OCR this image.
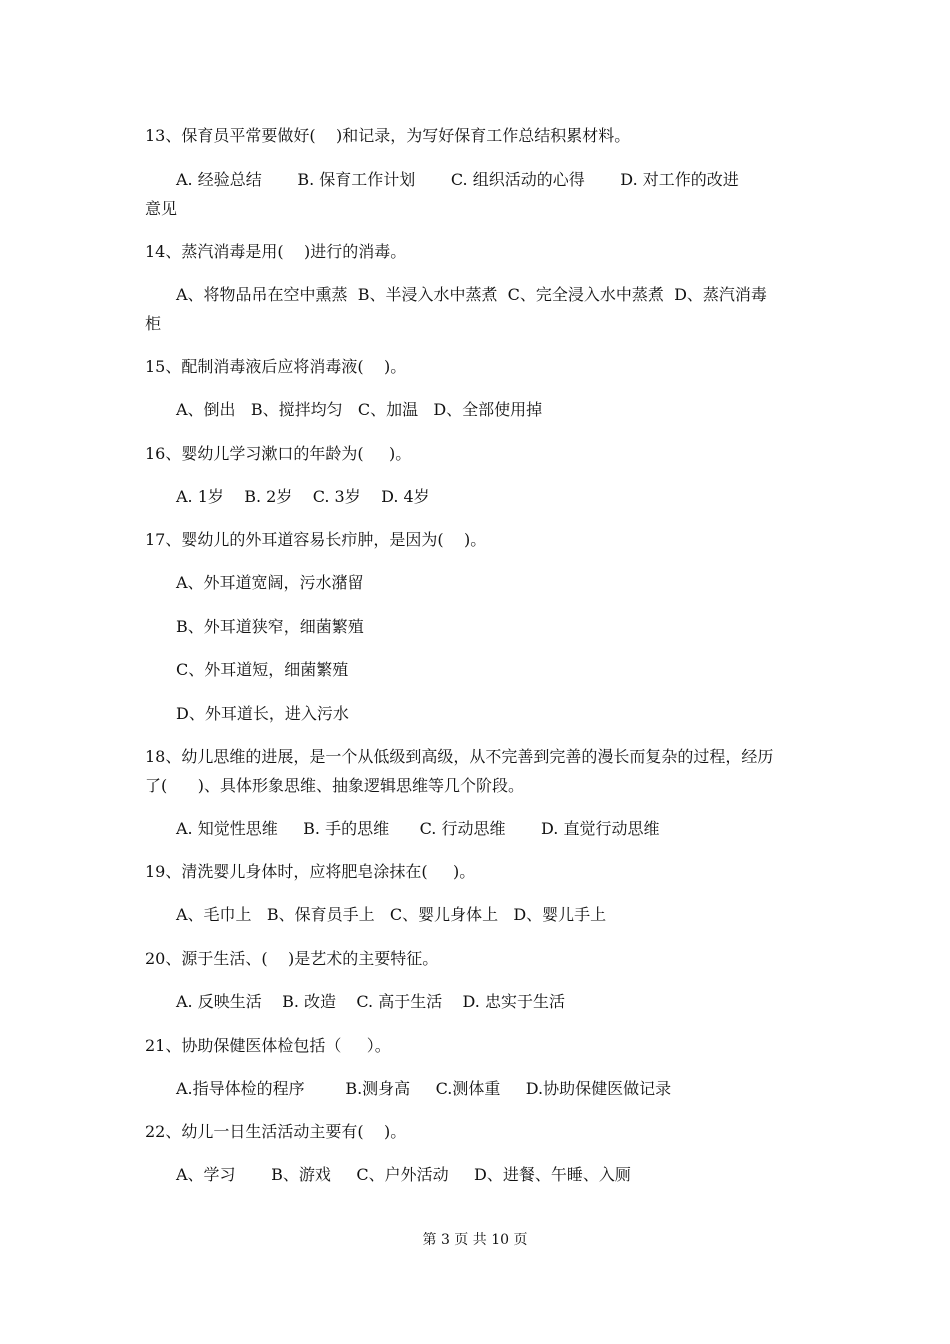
13、保育员平常要做好(    )和记录，为写好保育工作总结积累材料。
A. 经验总结       B. 保育工作计划       C. 组织活动的心得       D. 对工作的改进
意见
14、蒸汽消毒是用(    )进行的消毒。
A、将物品吊在空中熏蒸  B、半浸入水中蒸煮  C、完全浸入水中蒸煮  D、蒸汽消毒
柜
15、配制消毒液后应将消毒液(    )。
A、倒出   B、搅拌均匀   C、加温   D、全部使用掉
16、婴幼儿学习漱口的年龄为(     )。
A. 1岁    B. 2岁    C. 3岁    D. 4岁
17、婴幼儿的外耳道容易长疖肿，是因为(    )。
A、外耳道宽阔，污水潴留
B、外耳道狭窄，细菌繁殖
C、外耳道短，细菌繁殖
D、外耳道长，进入污水
18、幼儿思维的进展，是一个从低级到高级，从不完善到完善的漫长而复杂的过程，经历
了(      )、具体形象思维、抽象逻辑思维等几个阶段。
A. 知觉性思维     B. 手的思维      C. 行动思维       D. 直觉行动思维
19、清洗婴儿身体时，应将肥皂涂抹在(     )。
A、毛巾上   B、保育员手上   C、婴儿身体上   D、婴儿手上
20、源于生活、(    )是艺术的主要特征。
A. 反映生活    B. 改造    C. 高于生活    D. 忠实于生活
21、协助保健医体检包括（     ）。
A.指导体检的程序        B.测身高     C.测体重     D.协助保健医做记录
22、幼儿一日生活活动主要有(    )。
A、学习       B、游戏     C、户外活动     D、进餐、午睡、入厕
第 3 页 共 10 页
